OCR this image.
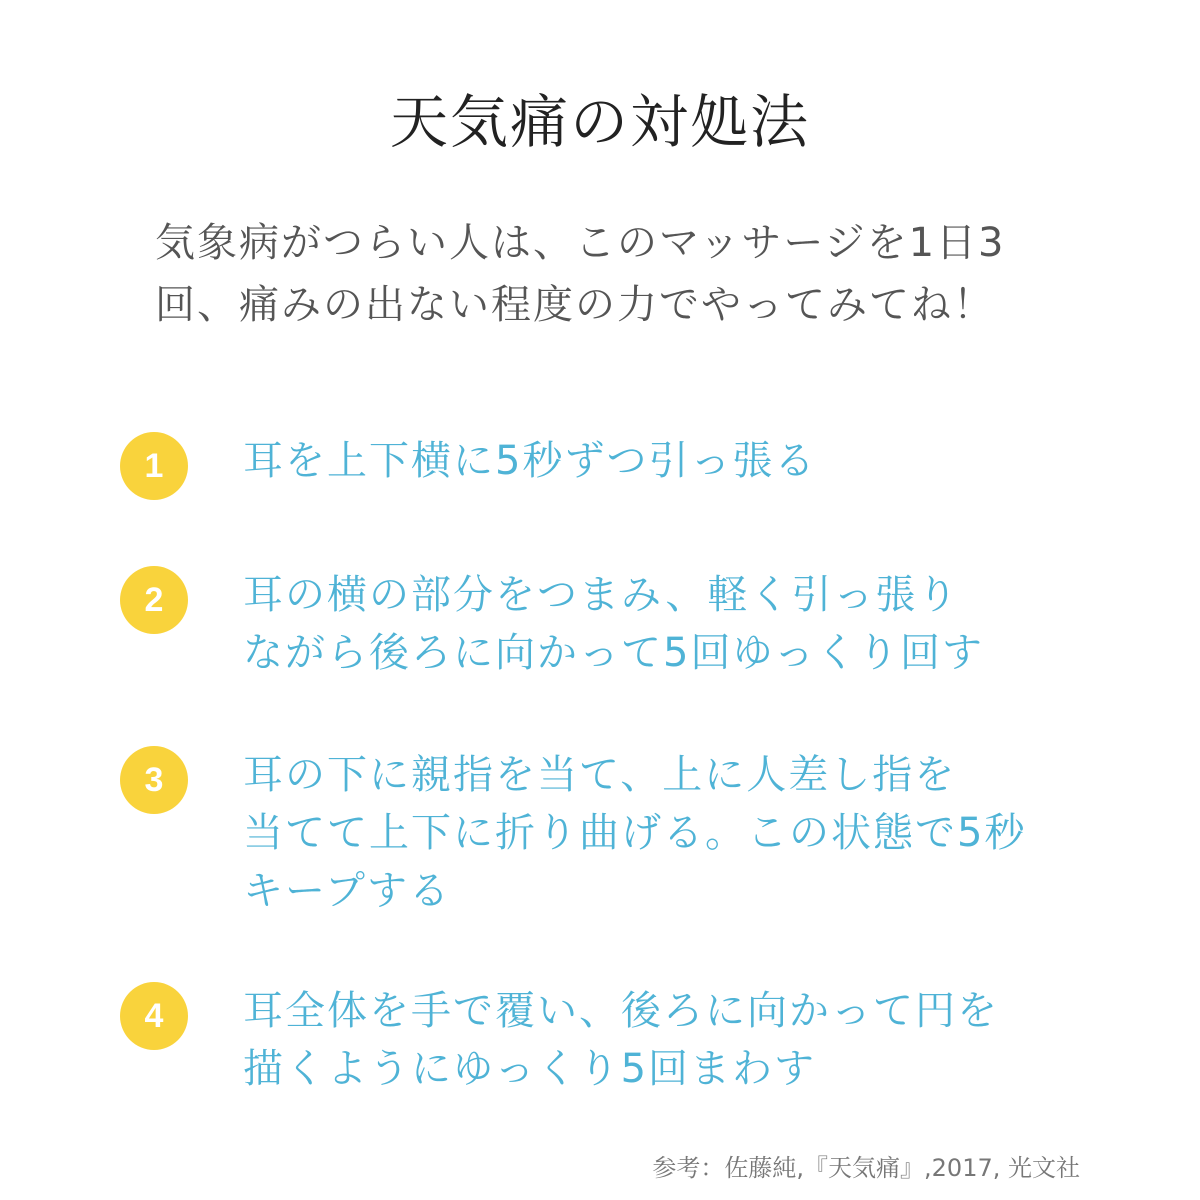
天気痛の対処法
気象病がつらい人は、このマッサージを1日3
回、痛みの出ない程度の力でやってみてね！
1	耳を上下横に5秒ずつ引っ張る
2	耳の横の部分をつまみ、軽く引っ張り
ながら後ろに向かって5回ゆっくり回す
3	耳の下に親指を当て、上に人差し指を
当てて上下に折り曲げる。この状態で5秒
キープする
4	耳全体を手で覆い、後ろに向かって円を
描くようにゆっくり5回まわす
参考：佐藤純,『天気痛』,2017, 光文社
